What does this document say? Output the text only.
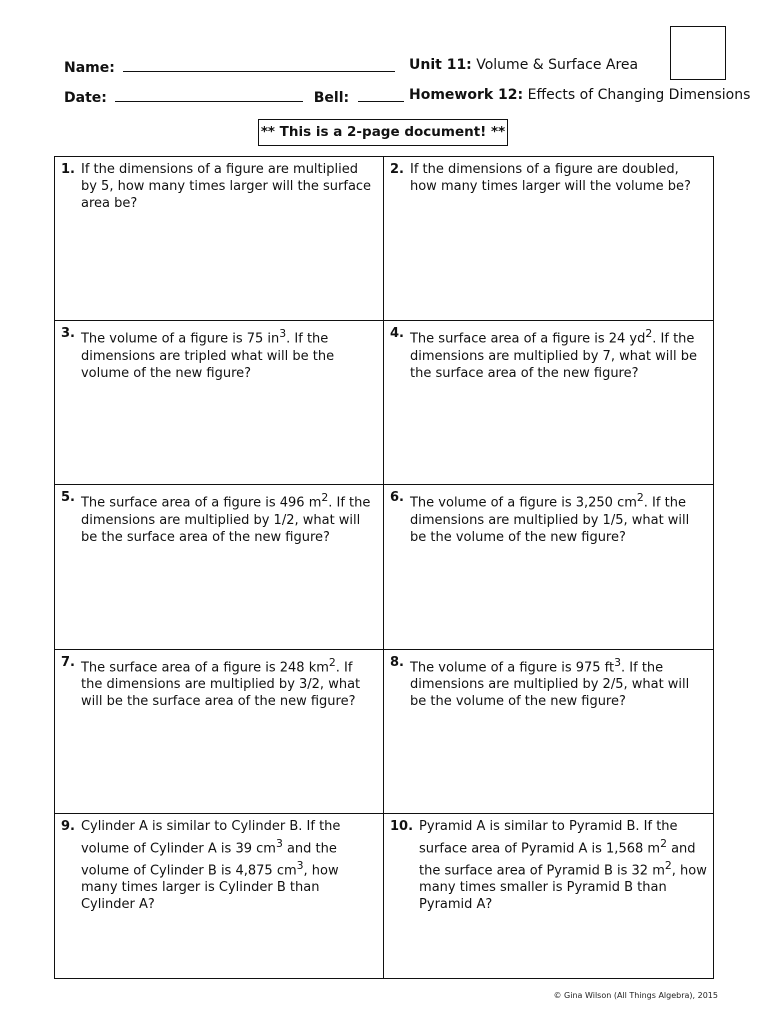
Name:
Date:	Bell:
Unit 11: Volume & Surface Area
Homework 12: Effects of Changing Dimensions
** This is a 2-page document! **
1. If the dimensions of a figure are multiplied by 5, how many times larger will the surface area be?
2. If the dimensions of a figure are doubled, how many times larger will the volume be?
3. The volume of a figure is 75 $in^3$. If the dimensions are tripled what will be the volume of the new figure?
4. The surface area of a figure is 24 $yd^2$. If the dimensions are multiplied by 7, what will be the surface area of the new figure?
5. The surface area of a figure is 496 $m^2$. If the dimensions are multiplied by 1/2, what will be the surface area of the new figure?
6. The volume of a figure is 3,250 $cm^2$. If the dimensions are multiplied by 1/5, what will be the volume of the new figure?
7. The surface area of a figure is 248 $km^2$. If the dimensions are multiplied by 3/2, what will be the surface area of the new figure?
8. The volume of a figure is 975 $ft^3$. If the dimensions are multiplied by 2/5, what will be the volume of the new figure?
9. Cylinder A is similar to Cylinder B. If the volume of Cylinder A is 39 $cm^3$ and the volume of Cylinder B is 4,875 $cm^3$, how many times larger is Cylinder B than Cylinder A?
10. Pyramid A is similar to Pyramid B. If the surface area of Pyramid A is 1,568 $m^2$ and the surface area of Pyramid B is 32 $m^2$, how many times smaller is Pyramid B than Pyramid A?
© Gina Wilson (All Things Algebra), 2015
